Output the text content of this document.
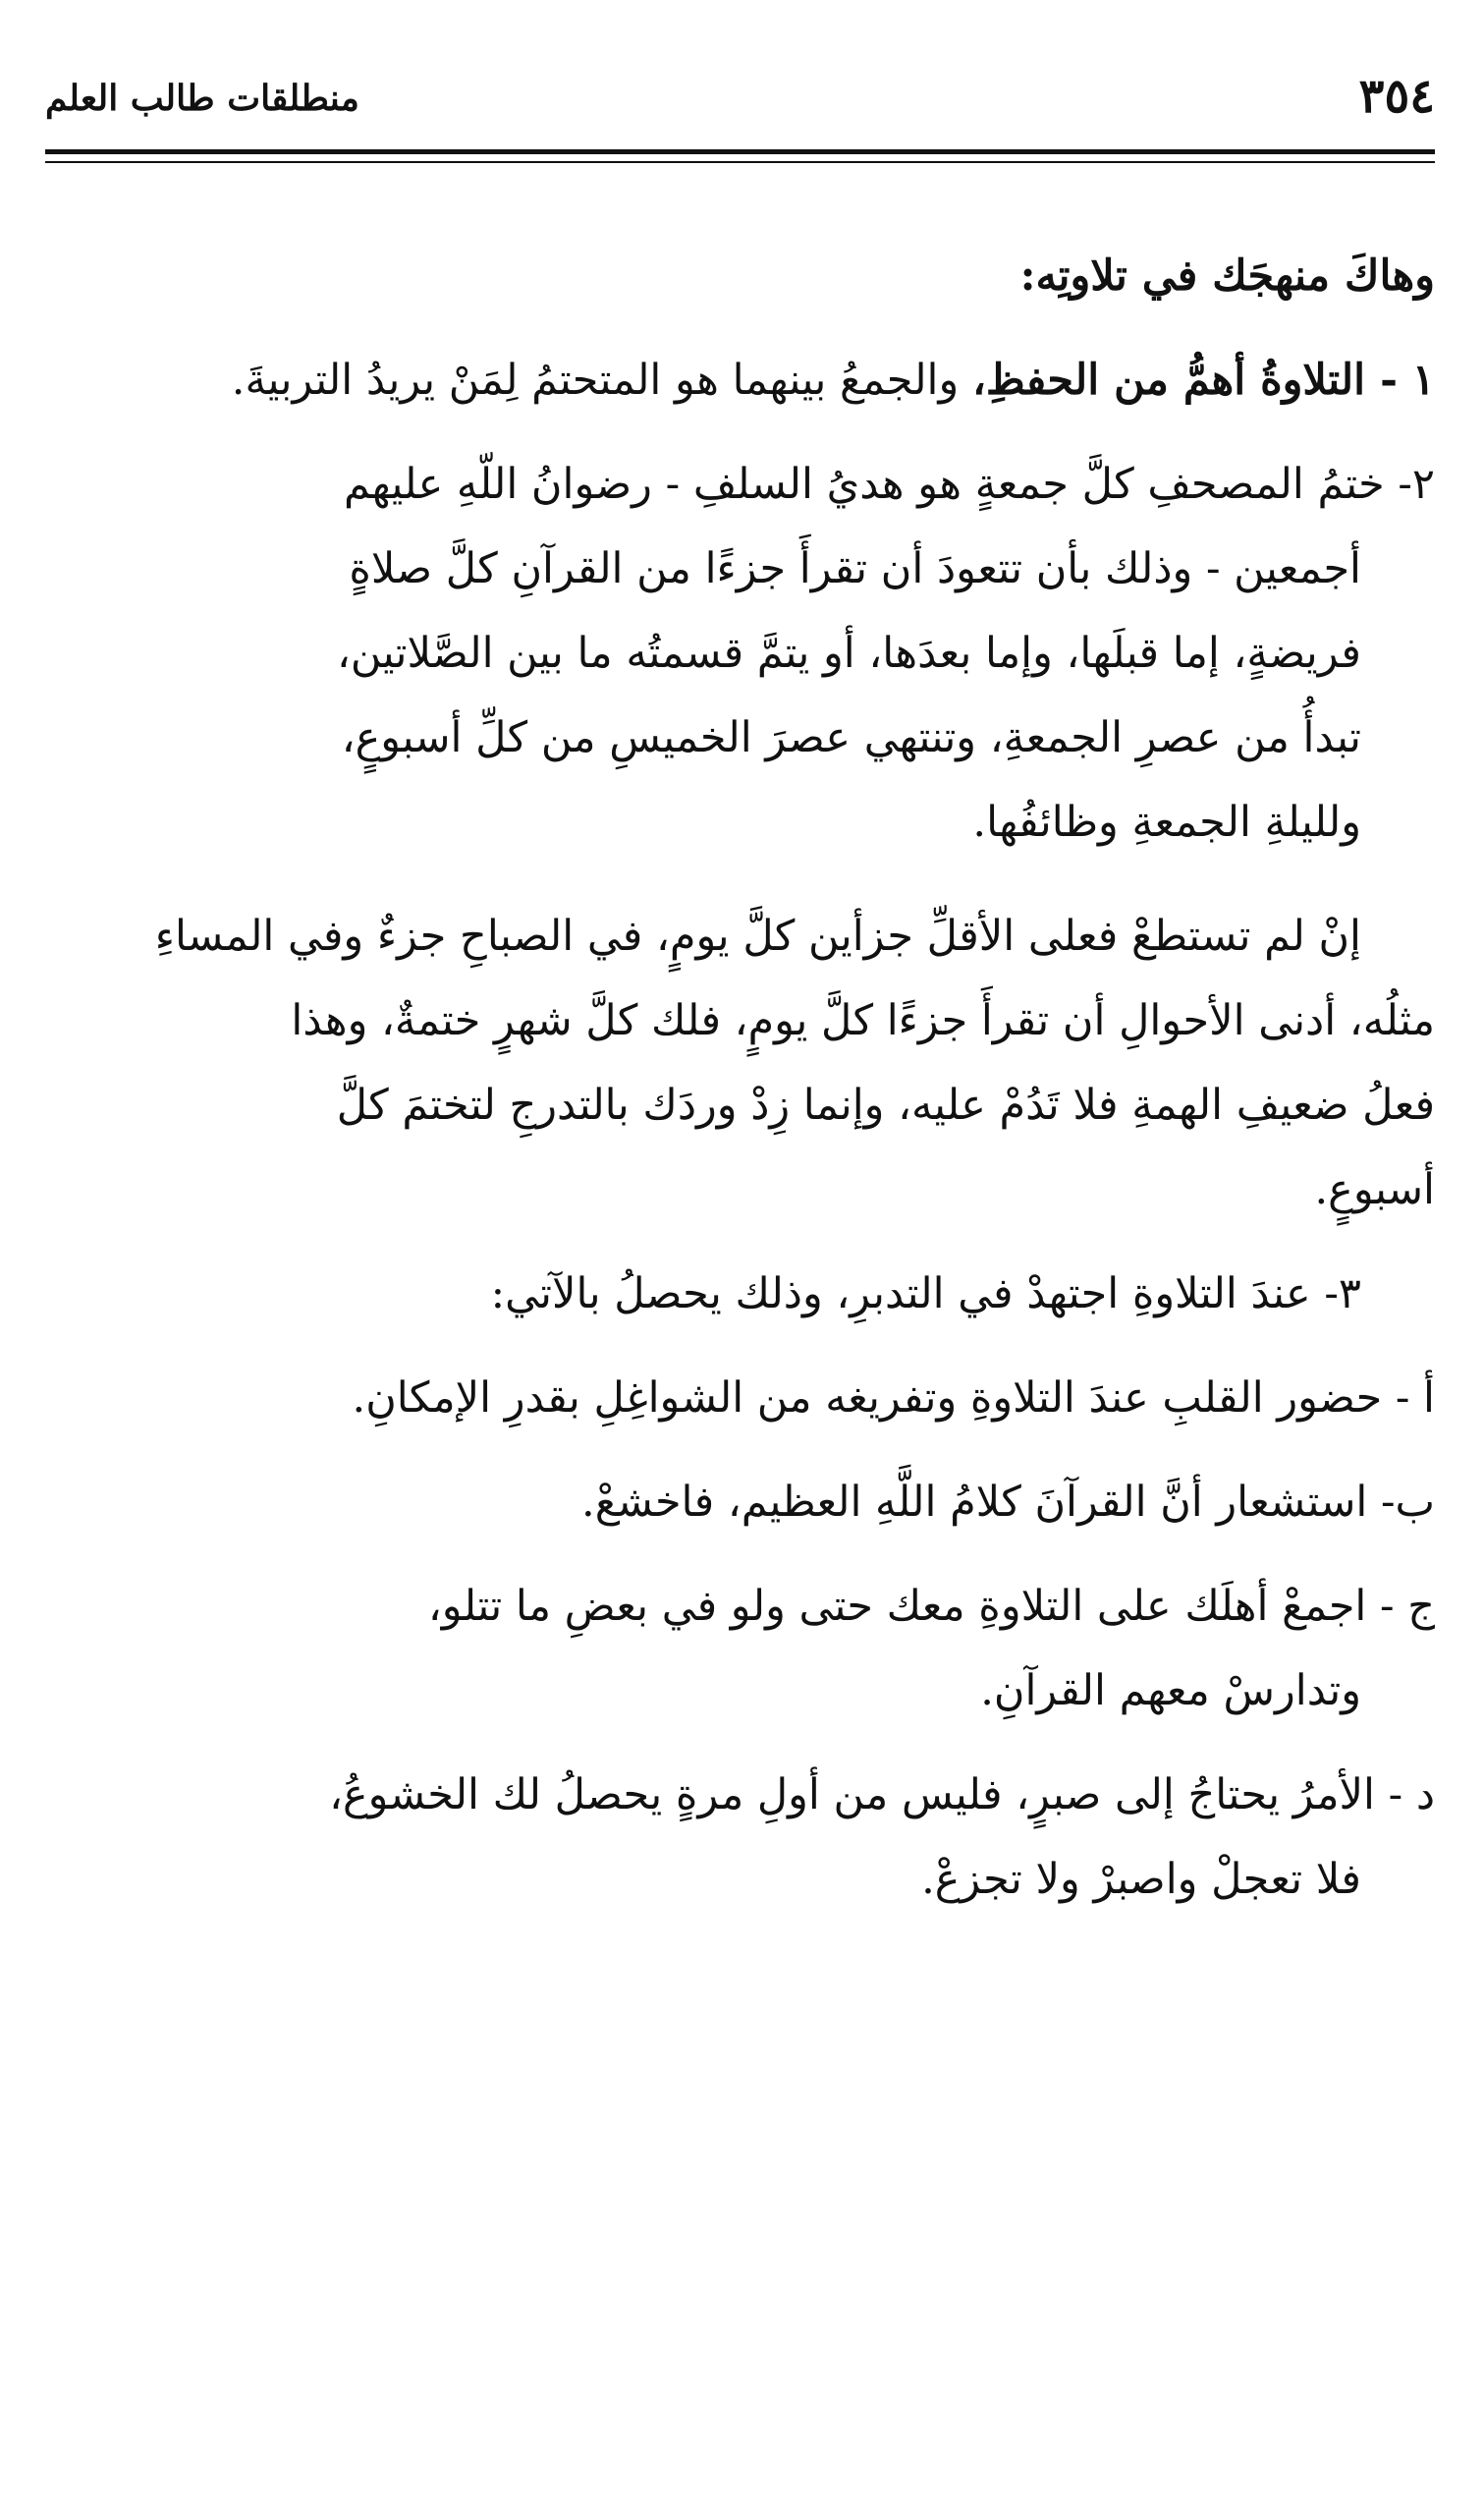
٣٥٤
منطلقات طالب العلم
وهاكَ منهجَك في تلاوتِه:
١ - التلاوةُ أهمُّ من الحفظِ، والجمعُ بينهما هو المتحتمُ لِمَنْ يريدُ التربيةَ.
٢- ختمُ المصحفِ كلَّ جمعةٍ هو هديُ السلفِ - رضوانُ اللّهِ عليهم
أجمعين - وذلك بأن تتعودَ أن تقرأَ جزءًا من القرآنِ كلَّ صلاةٍ
فريضةٍ، إما قبلَها، وإما بعدَها، أو يتمَّ قسمتُه ما بين الصَّلاتين،
تبدأُ من عصرِ الجمعةِ، وتنتهي عصرَ الخميسِ من كلِّ أسبوعٍ،
ولليلةِ الجمعةِ وظائفُها.
إنْ لم تستطعْ فعلى الأقلِّ جزأين كلَّ يومٍ، في الصباحِ جزءٌ وفي المساءِ
مثلُه، أدنى الأحوالِ أن تقرأَ جزءًا كلَّ يومٍ، فلك كلَّ شهرٍ ختمةٌ، وهذا
فعلُ ضعيفِ الهمةِ فلا تَدُمْ عليه، وإنما زِدْ وردَك بالتدرجِ لتختمَ كلَّ
أسبوعٍ.
٣- عندَ التلاوةِ اجتهدْ في التدبرِ، وذلك يحصلُ بالآتي:
أ - حضور القلبِ عندَ التلاوةِ وتفريغه من الشواغِلِ بقدرِ الإمكانِ.
ب- استشعار أنَّ القرآنَ كلامُ اللَّهِ العظيم، فاخشعْ.
ج - اجمعْ أهلَك على التلاوةِ معك حتى ولو في بعضِ ما تتلو،
وتدارسْ معهم القرآنِ.
د - الأمرُ يحتاجُ إلى صبرٍ، فليس من أولِ مرةٍ يحصلُ لك الخشوعُ،
فلا تعجلْ واصبرْ ولا تجزعْ.
